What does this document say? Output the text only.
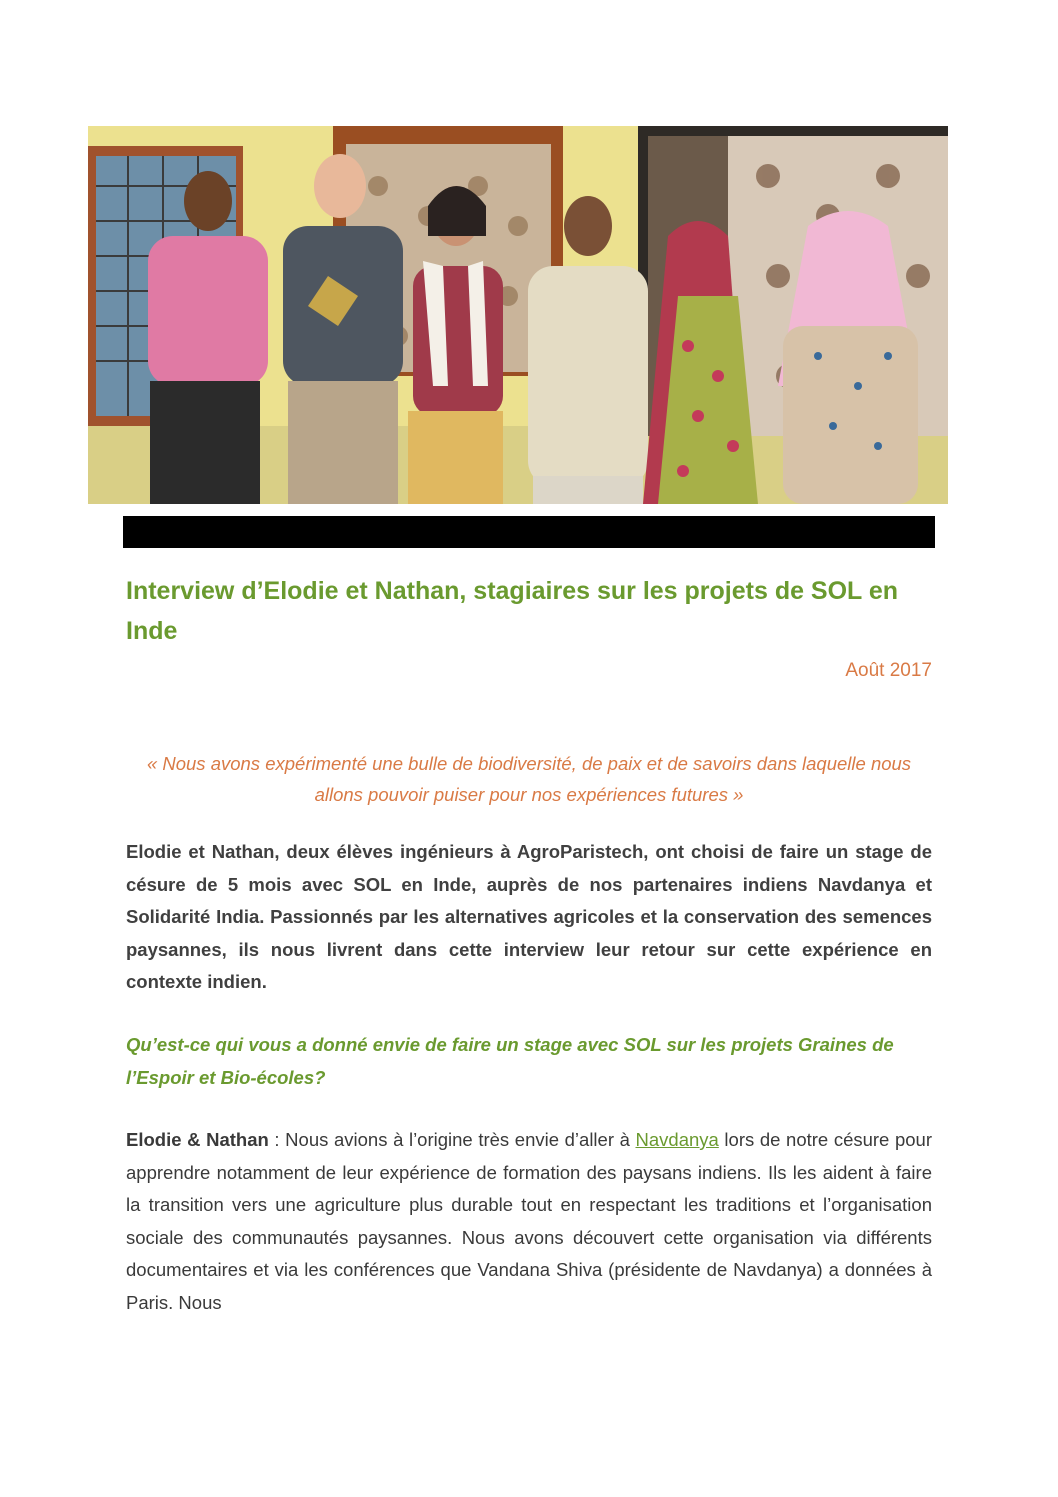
Interview d’Elodie et Nathan, stagiaires sur les projets de SOL en Inde
Août 2017

« Nous avons expérimenté une bulle de biodiversité, de paix et de savoirs dans laquelle nous allons pouvoir puiser pour nos expériences futures »

Elodie et Nathan, deux élèves ingénieurs à AgroParistech, ont choisi de faire un stage de césure de 5 mois avec SOL en Inde, auprès de nos partenaires indiens Navdanya et Solidarité India. Passionnés par les alternatives agricoles et la conservation des semences paysannes, ils nous livrent dans cette interview leur retour sur cette expérience en contexte indien.

Qu’est-ce qui vous a donné envie de faire un stage avec SOL sur les projets Graines de l’Espoir et Bio-écoles?

Elodie & Nathan : Nous avions à l’origine très envie d’aller à Navdanya lors de notre césure pour apprendre notamment de leur expérience de formation des paysans indiens. Ils les aident à faire la transition vers une agriculture plus durable tout en respectant les traditions et l’organisation sociale des communautés paysannes. Nous avons découvert cette organisation via différents documentaires et via les conférences que Vandana Shiva (présidente de Navdanya) a données à Paris. Nous
